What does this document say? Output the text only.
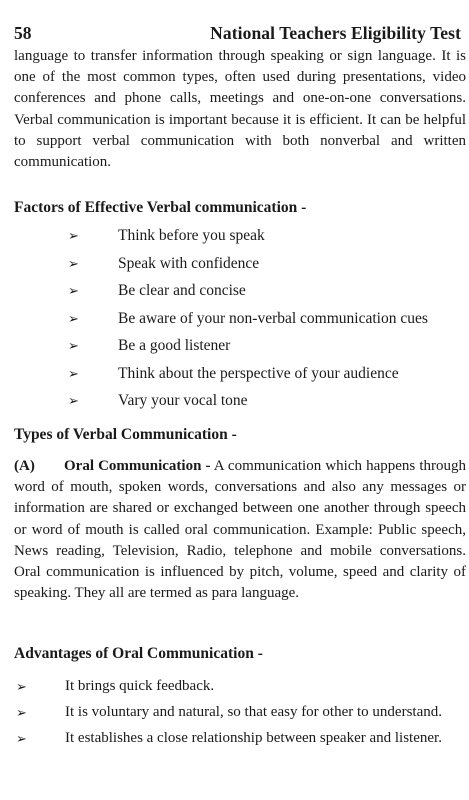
58	National Teachers Eligibility Test

language to transfer information through speaking or sign language. It is one of the most common types, often used during presentations, video conferences and phone calls, meetings and one-on-one conversations. Verbal communication is important because it is efficient. It can be helpful to support verbal communication with both nonverbal and written communication.

Factors of Effective Verbal communication -
➢	Think before you speak
➢	Speak with confidence
➢	Be clear and concise
➢	Be aware of your non-verbal communication cues
➢	Be a good listener
➢	Think about the perspective of your audience
➢	Vary your vocal tone
Types of Verbal Communication -

(A) Oral Communication - A communication which happens through word of mouth, spoken words, conversations and also any messages or information are shared or exchanged between one another through speech or word of mouth is called oral communication. Example: Public speech, News reading, Television, Radio, telephone and mobile conversations. Oral communication is influenced by pitch, volume, speed and clarity of speaking. They all are termed as para language.

Advantages of Oral Communication -
➢	It brings quick feedback.
➢	It is voluntary and natural, so that easy for other to understand.
➢	It establishes a close relationship between speaker and listener.
